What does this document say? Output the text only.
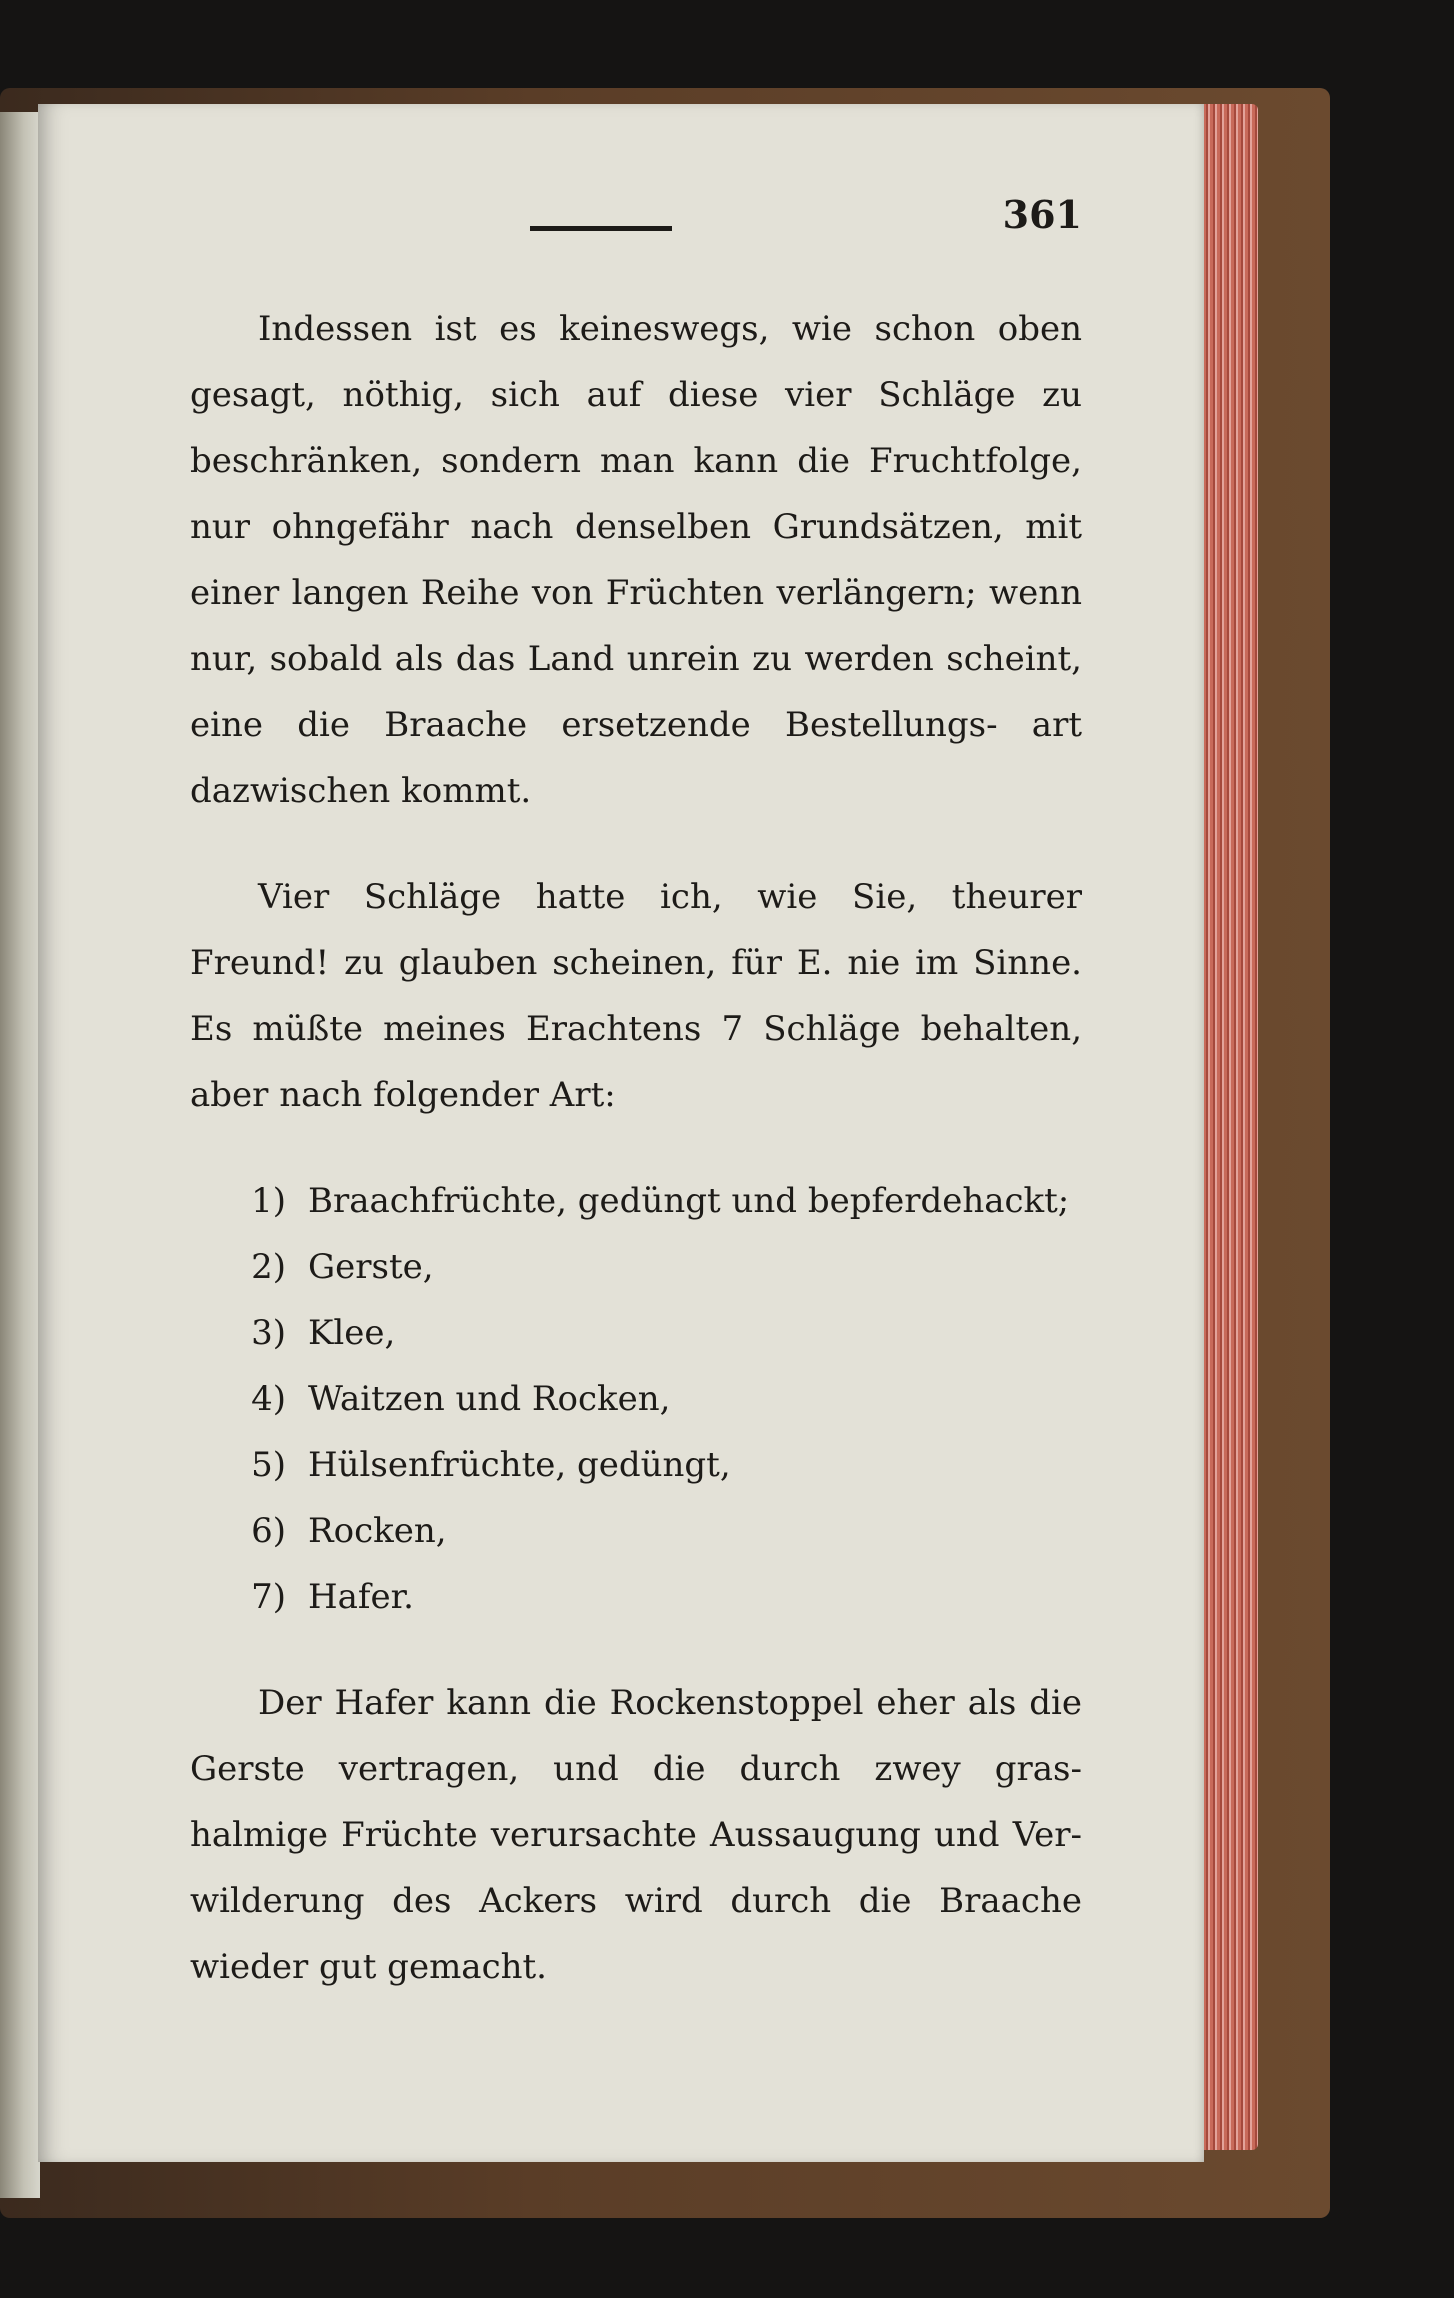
361

Indessen ist es keineswegs, wie schon oben gesagt, nöthig, sich auf diese vier Schläge zu beschränken, sondern man kann die Fruchtfolge, nur ohngefähr nach denselben Grundsätzen, mit einer langen Reihe von Früchten verlängern; wenn nur, sobald als das Land unrein zu werden scheint, eine die Braache ersetzende Bestellungs- art dazwischen kommt.

Vier Schläge hatte ich, wie Sie, theurer Freund! zu glauben scheinen, für E. nie im Sinne. Es müßte meines Erachtens 7 Schläge behalten, aber nach folgender Art:

1) Braachfrüchte, gedüngt und bepferdehackt;
2) Gerste,
3) Klee,
4) Waitzen und Rocken,
5) Hülsenfrüchte, gedüngt,
6) Rocken,
7) Hafer.

Der Hafer kann die Rockenstoppel eher als die Gerste vertragen, und die durch zwey gras- halmige Früchte verursachte Aussaugung und Ver- wilderung des Ackers wird durch die Braache wieder gut gemacht.
